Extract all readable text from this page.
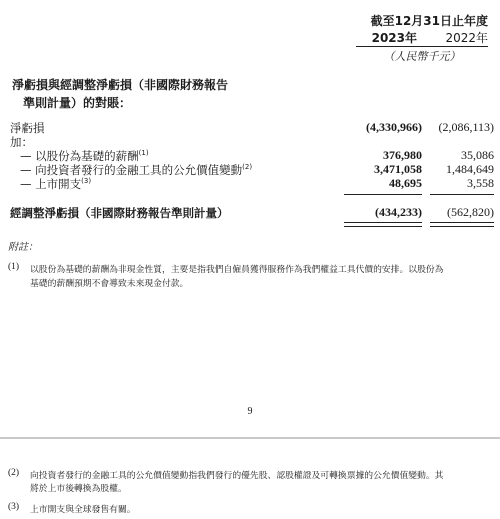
截至12月31日止年度
2023年	2022年
（人民幣千元）
淨虧損與經調整淨虧損（非國際財務報告
準則計量）的對賬：
淨虧損	(4,330,966)	(2,086,113)
加：
— 以股份為基礎的薪酬$^{(1)}$	376,980	35,086
— 向投資者發行的金融工具的公允價值變動$^{(2)}$	3,471,058	1,484,649
— 上市開支$^{(3)}$	48,695	3,558
經調整淨虧損（非國際財務報告準則計量）	(434,233)	(562,820)
附註：
(1) 以股份為基礎的薪酬為非現金性質，主要是指我們自僱員獲得服務作為我們權益工具代價的安排。以股份為
基礎的薪酬預期不會導致未來現金付款。
9
(2) 向投資者發行的金融工具的公允價值變動指我們發行的優先股、認股權證及可轉換票據的公允價值變動。其
將於上市後轉換為股權。
(3) 上市開支與全球發售有關。
